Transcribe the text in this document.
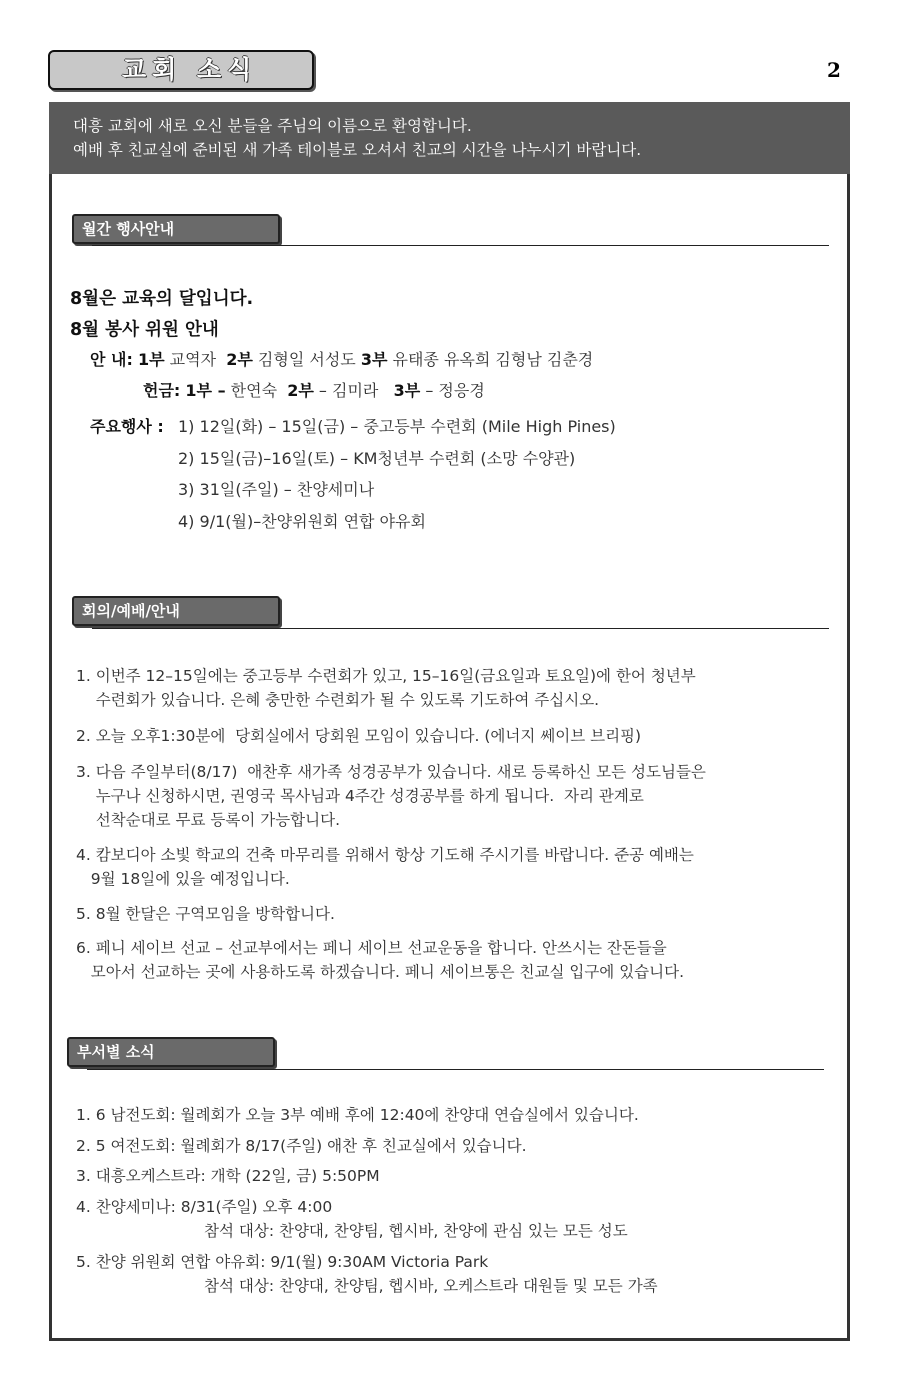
교회 소식	2
대흥 교회에 새로 오신 분들을 주님의 이름으로 환영합니다.
예배 후 친교실에 준비된 새 가족 테이블로 오셔서 친교의 시간을 나누시기 바랍니다.
월간 행사안내
8월은 교육의 달입니다.
8월 봉사 위원 안내
안 내: 1부 교역자 2부 김형일 서성도 3부 유태종 유옥희 김형남 김춘경
헌금: 1부 – 한연숙 2부 – 김미라 3부 – 정응경
주요행사 : 1) 12일(화) – 15일(금) – 중고등부 수련회 (Mile High Pines)
2) 15일(금)–16일(토) – KM청년부 수련회 (소망 수양관)
3) 31일(주일) – 찬양세미나
4) 9/1(월)–찬양위원회 연합 야유회
회의/예배/안내
1. 이번주 12–15일에는 중고등부 수련회가 있고, 15–16일(금요일과 토요일)에 한어 청년부
수련회가 있습니다. 은혜 충만한 수련회가 될 수 있도록 기도하여 주십시오.
2. 오늘 오후1:30분에  당회실에서 당회원 모임이 있습니다. (에너지 쎄이브 브리핑)
3. 다음 주일부터(8/17)  애찬후 새가족 성경공부가 있습니다. 새로 등록하신 모든 성도님들은
누구나 신청하시면, 권영국 목사님과 4주간 성경공부를 하게 됩니다.  자리 관계로
선착순대로 무료 등록이 가능합니다.
4. 캄보디아 소빛 학교의 건축 마무리를 위해서 항상 기도해 주시기를 바랍니다. 준공 예배는
9월 18일에 있을 예정입니다.
5. 8월 한달은 구역모임을 방학합니다.
6. 페니 세이브 선교 – 선교부에서는 페니 세이브 선교운동을 합니다. 안쓰시는 잔돈들을
모아서 선교하는 곳에 사용하도록 하겠습니다. 페니 세이브통은 친교실 입구에 있습니다.
부서별 소식
1. 6 남전도회: 월례회가 오늘 3부 예배 후에 12:40에 찬양대 연습실에서 있습니다.
2. 5 여전도회: 월례회가 8/17(주일) 애찬 후 친교실에서 있습니다.
3. 대흥오케스트라: 개학 (22일, 금) 5:50PM
4. 찬양세미나: 8/31(주일) 오후 4:00
참석 대상: 찬양대, 찬양팀, 헵시바, 찬양에 관심 있는 모든 성도
5. 찬양 위원회 연합 야유회: 9/1(월) 9:30AM Victoria Park
참석 대상: 찬양대, 찬양팀, 헵시바, 오케스트라 대원들 및 모든 가족
